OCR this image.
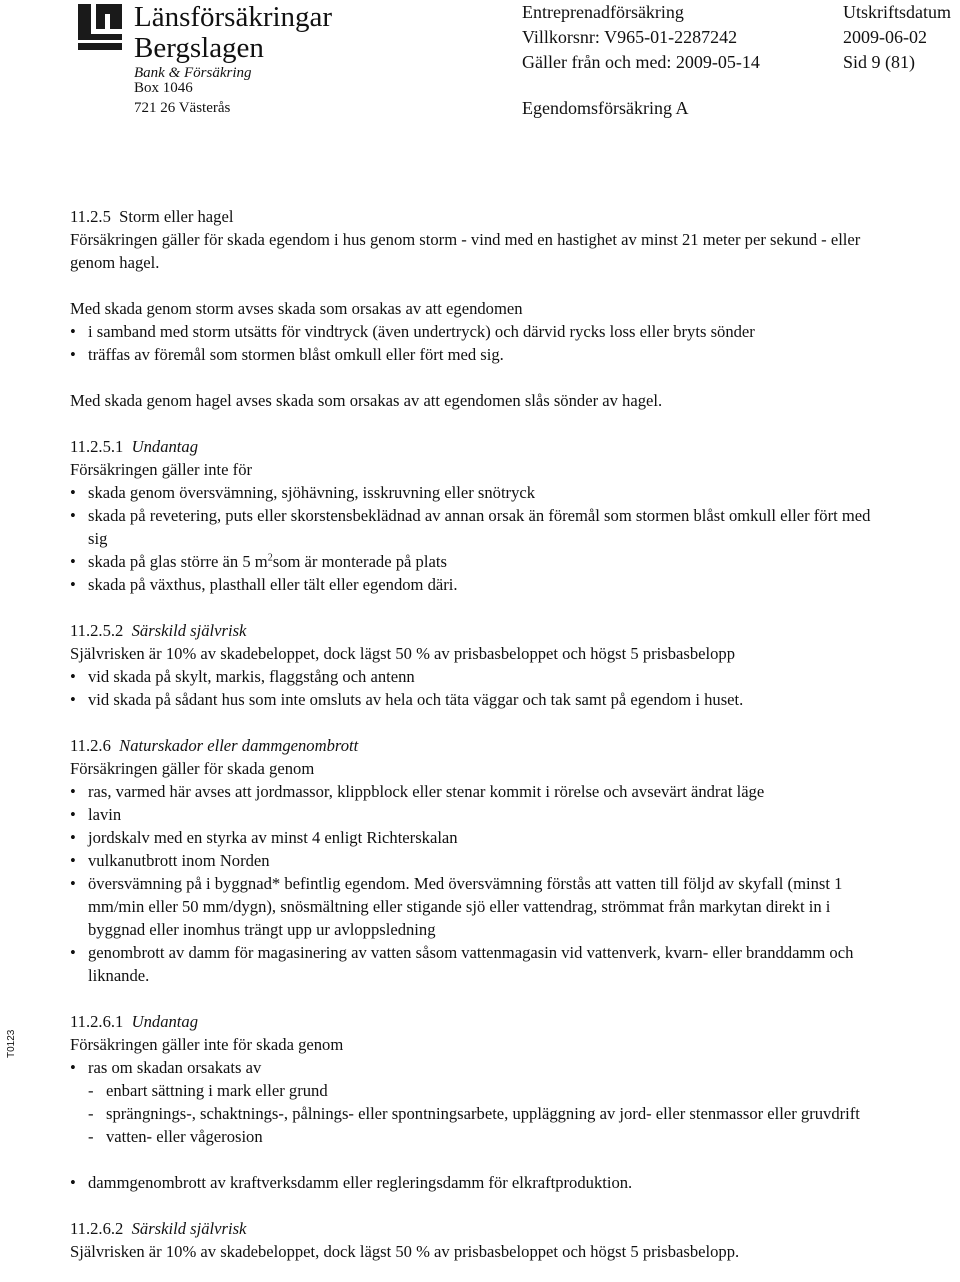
Länsförsäkringar
Bergslagen
Bank & Försäkring
Box 1046
721 26 Västerås
Entreprenadförsäkring
Villkorsnr: V965-01-2287242
Gäller från och med: 2009-05-14
Egendomsförsäkring A
Utskriftsdatum
2009-06-02
Sid 9 (81)
T0123

11.2.5 Storm eller hagel

Försäkringen gäller för skada egendom i hus genom storm - vind med en hastighet av minst 21 meter per sekund - eller genom hagel.

Med skada genom storm avses skada som orsakas av att egendomen

• i samband med storm utsätts för vindtryck (även undertryck) och därvid rycks loss eller bryts sönder
• träffas av föremål som stormen blåst omkull eller fört med sig.

Med skada genom hagel avses skada som orsakas av att egendomen slås sönder av hagel.

11.2.5.1 Undantag

Försäkringen gäller inte för

• skada genom översvämning, sjöhävning, isskruvning eller snötryck
• skada på revetering, puts eller skorstensbeklädnad av annan orsak än föremål som stormen blåst omkull eller fört med sig
• skada på glas större än 5 $m^2som$ är monterade på plats
• skada på växthus, plasthall eller tält eller egendom däri.

11.2.5.2 Särskild självrisk

Självrisken är 10% av skadebeloppet, dock lägst 50 % av prisbasbeloppet och högst 5 prisbasbelopp

• vid skada på skylt, markis, flaggstång och antenn
• vid skada på sådant hus som inte omsluts av hela och täta väggar och tak samt på egendom i huset.

11.2.6 Naturskador eller dammgenombrott

Försäkringen gäller för skada genom

• ras, varmed här avses att jordmassor, klippblock eller stenar kommit i rörelse och avsevärt ändrat läge
• lavin
• jordskalv med en styrka av minst 4 enligt Richterskalan
• vulkanutbrott inom Norden
• översvämning på i byggnad* befintlig egendom. Med översvämning förstås att vatten till följd av skyfall (minst 1 mm/min eller 50 mm/dygn), snösmältning eller stigande sjö eller vattendrag, strömmat från markytan direkt in i byggnad eller inomhus trängt upp ur avloppsledning
• genombrott av damm för magasinering av vatten såsom vattenmagasin vid vattenverk, kvarn- eller branddamm och liknande.

11.2.6.1 Undantag

Försäkringen gäller inte för skada genom

• ras om skadan orsakats av
- enbart sättning i mark eller grund
- sprängnings-, schaktnings-, pålnings- eller spontningsarbete, uppläggning av jord- eller stenmassor eller gruvdrift
- vatten- eller vågerosion
• dammgenombrott av kraftverksdamm eller regleringsdamm för elkraftproduktion.

11.2.6.2 Särskild självrisk

Självrisken är 10% av skadebeloppet, dock lägst 50 % av prisbasbeloppet och högst 5 prisbasbelopp.
